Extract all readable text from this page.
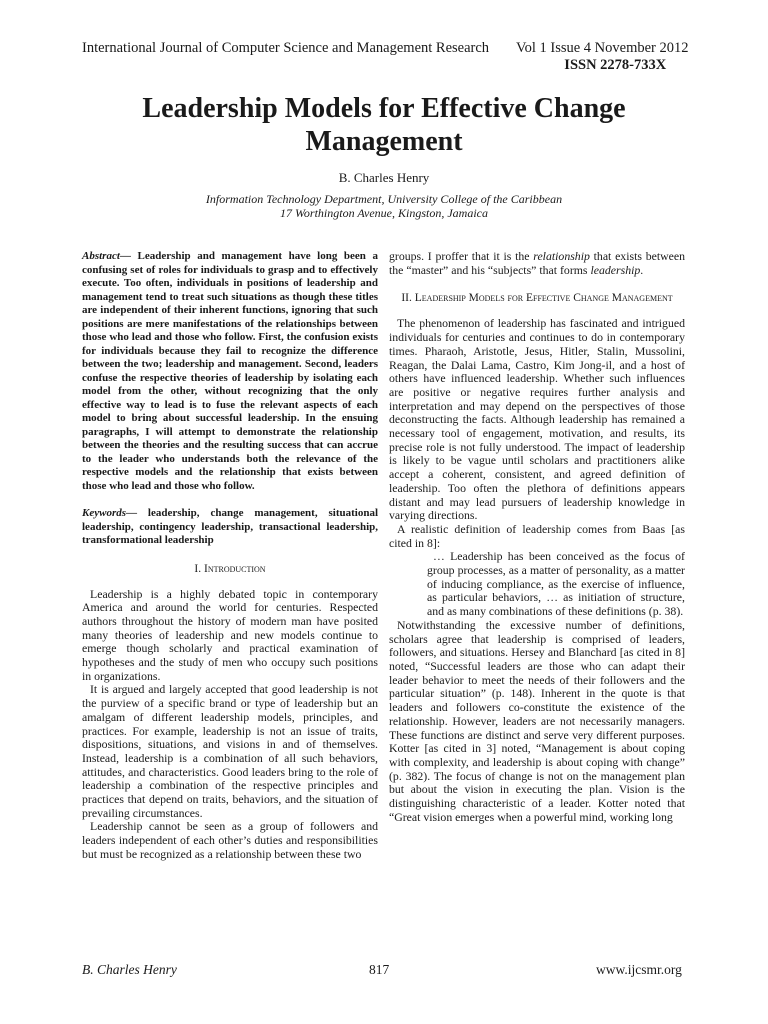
International Journal of Computer Science and Management Research Vol 1 Issue 4 November 2012
ISSN 2278-733X
Leadership Models for Effective Change Management
B. Charles Henry
Information Technology Department, University College of the Caribbean
17 Worthington Avenue, Kingston, Jamaica
Abstract— Leadership and management have long been a confusing set of roles for individuals to grasp and to effectively execute. Too often, individuals in positions of leadership and management tend to treat such situations as though these titles are independent of their inherent functions, ignoring that such positions are mere manifestations of the relationships between those who lead and those who follow. First, the confusion exists for individuals because they fail to recognize the difference between the two; leadership and management. Second, leaders confuse the respective theories of leadership by isolating each model from the other, without recognizing that the only effective way to lead is to fuse the relevant aspects of each model to bring about successful leadership. In the ensuing paragraphs, I will attempt to demonstrate the relationship between the theories and the resulting success that can accrue to the leader who understands both the relevance of the respective models and the relationship that exists between those who lead and those who follow.
Keywords— leadership, change management, situational leadership, contingency leadership, transactional leadership, transformational leadership
I. Introduction

Leadership is a highly debated topic in contemporary America and around the world for centuries. Respected authors throughout the history of modern man have posited many theories of leadership and new models continue to emerge though scholarly and practical examination of hypotheses and the study of men who occupy such positions in organizations.

It is argued and largely accepted that good leadership is not the purview of a specific brand or type of leadership but an amalgam of different leadership models, principles, and practices. For example, leadership is not an issue of traits, dispositions, situations, and visions in and of themselves. Instead, leadership is a combination of all such behaviors, attitudes, and characteristics. Good leaders bring to the role of leadership a combination of the respective principles and practices that depend on traits, behaviors, and the situation of prevailing circumstances.

Leadership cannot be seen as a group of followers and leaders independent of each other’s duties and responsibilities but must be recognized as a relationship between these two

groups. I proffer that it is the relationship that exists between the “master” and his “subjects” that forms leadership.

II. Leadership Models for Effective Change Management

The phenomenon of leadership has fascinated and intrigued individuals for centuries and continues to do in contemporary times. Pharaoh, Aristotle, Jesus, Hitler, Stalin, Mussolini, Reagan, the Dalai Lama, Castro, Kim Jong-il, and a host of others have influenced leadership. Whether such influences are positive or negative requires further analysis and interpretation and may depend on the perspectives of those deconstructing the facts. Although leadership has remained a necessary tool of engagement, motivation, and results, its precise role is not fully understood. The impact of leadership is likely to be vague until scholars and practitioners alike accept a coherent, consistent, and agreed definition of leadership. Too often the plethora of definitions appears distant and may lead pursuers of leadership knowledge in varying directions.

A realistic definition of leadership comes from Baas [as cited in 8]:

… Leadership has been conceived as the focus of group processes, as a matter of personality, as a matter of inducing compliance, as the exercise of influence, as particular behaviors, … as initiation of structure, and as many combinations of these definitions (p. 38).

Notwithstanding the excessive number of definitions, scholars agree that leadership is comprised of leaders, followers, and situations. Hersey and Blanchard [as cited in 8] noted, “Successful leaders are those who can adapt their leader behavior to meet the needs of their followers and the particular situation” (p. 148). Inherent in the quote is that leaders and followers co-constitute the existence of the relationship. However, leaders are not necessarily managers. These functions are distinct and serve very different purposes. Kotter [as cited in 3] noted, “Management is about coping with complexity, and leadership is about coping with change” (p. 382). The focus of change is not on the management plan but about the vision in executing the plan. Vision is the distinguishing characteristic of a leader. Kotter noted that “Great vision emerges when a powerful mind, working long

B. Charles Henry	817	www.ijcsmr.org
